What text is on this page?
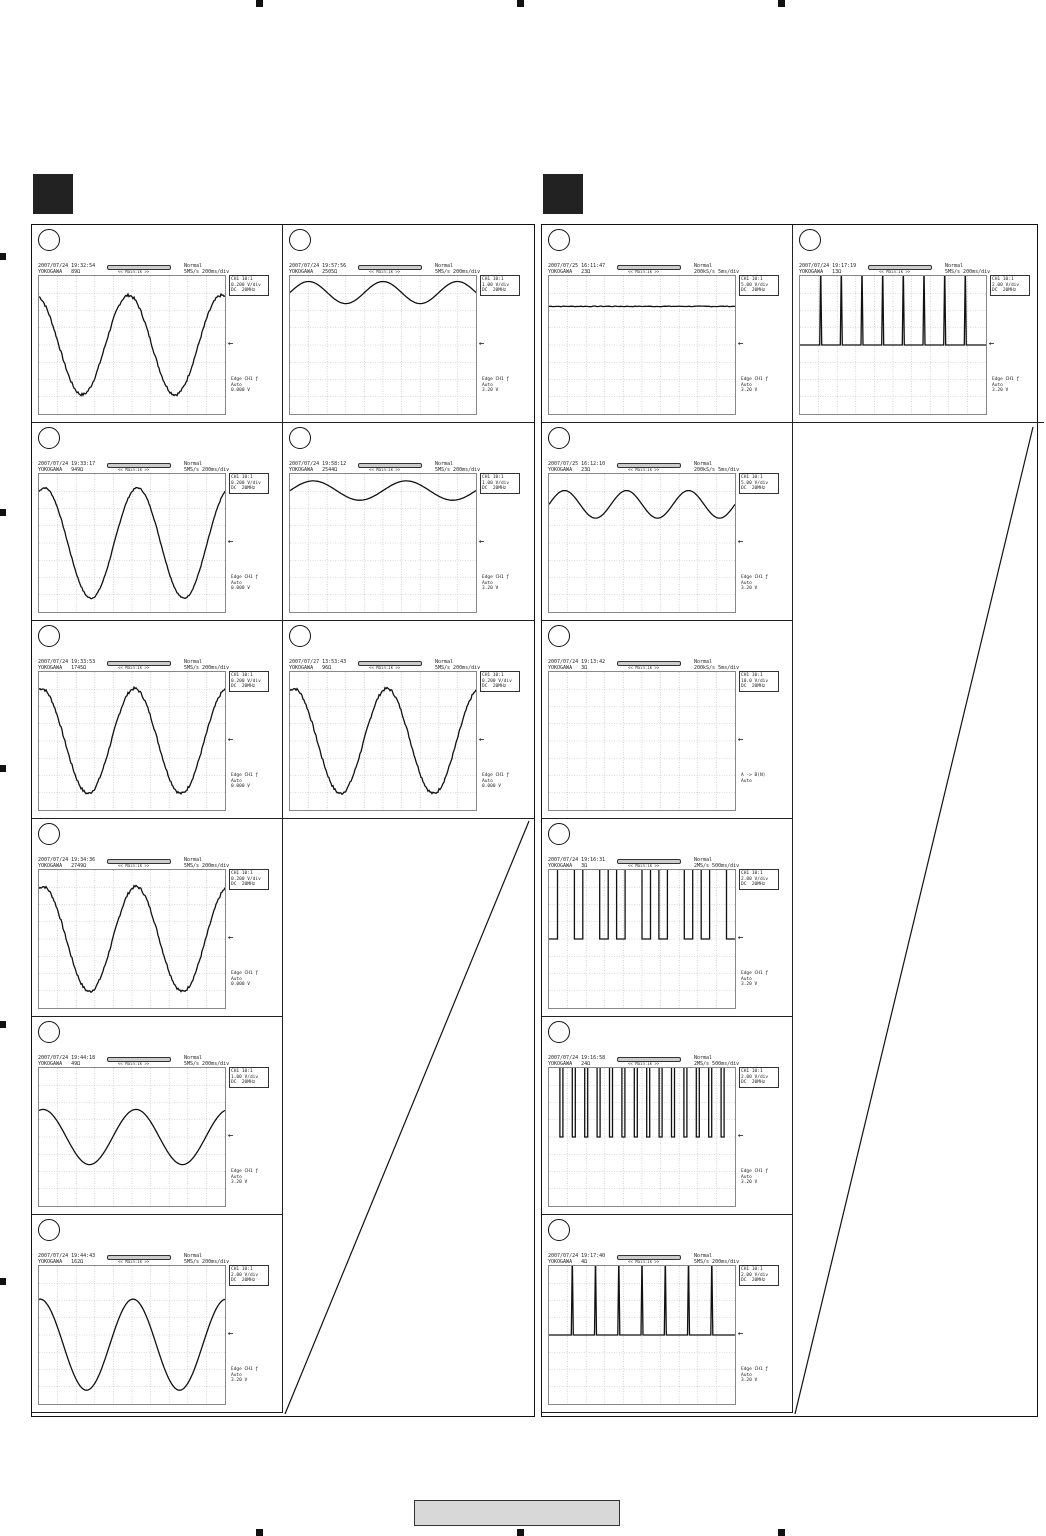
2007/07/24 19:32:54
YOKOGAWA 89Ω
Normal
5MS/s 200ms/div
<< Main:1k >>
CH1 10:1
0.200 V/div
DC  20MHz
←
Edge CH1 ƒ
Auto
0.000 V
2007/07/24 19:57:56
YOKOGAWA 2505Ω
Normal
5MS/s 200ms/div
<< Main:1k >>
CH1 10:1
1.00 V/div
DC  20MHz
←
Edge CH1 ƒ
Auto
3.20 V
2007/07/24 19:33:17
YOKOGAWA 949Ω
Normal
5MS/s 200ms/div
<< Main:1k >>
CH1 10:1
0.200 V/div
DC  20MHz
←
Edge CH1 ƒ
Auto
0.000 V
2007/07/24 19:58:12
YOKOGAWA 2544Ω
Normal
5MS/s 200ms/div
<< Main:1k >>
CH1 10:1
1.00 V/div
DC  20MHz
←
Edge CH1 ƒ
Auto
3.20 V
2007/07/24 19:33:53
YOKOGAWA 1745Ω
Normal
5MS/s 200ms/div
<< Main:1k >>
CH1 10:1
0.200 V/div
DC  20MHz
←
Edge CH1 ƒ
Auto
0.000 V
2007/07/27 13:53:43
YOKOGAWA 96Ω
Normal
5MS/s 200ms/div
<< Main:1k >>
CH1 10:1
0.200 V/div
DC  20MHz
←
Edge CH1 ƒ
Auto
0.000 V
2007/07/24 19:34:36
YOKOGAWA 2749Ω
Normal
5MS/s 200ms/div
<< Main:1k >>
CH1 10:1
0.200 V/div
DC  20MHz
←
Edge CH1 ƒ
Auto
0.000 V
2007/07/24 19:44:18
YOKOGAWA 49Ω
Normal
5MS/s 200ms/div
<< Main:1k >>
CH1 10:1
1.00 V/div
DC  20MHz
←
Edge CH1 ƒ
Auto
3.20 V
2007/07/24 19:44:43
YOKOGAWA 162Ω
Normal
5MS/s 200ms/div
<< Main:1k >>
CH1 10:1
2.00 V/div
DC  20MHz
←
Edge CH1 ƒ
Auto
3.20 V
2007/07/25 16:11:47
YOKOGAWA 23Ω
Normal
200kS/s 5ms/div
<< Main:1k >>
CH1 10:1
5.00 V/div
DC  20MHz
←
Edge CH1 ƒ
Auto
3.20 V
2007/07/24 19:17:19
YOKOGAWA 13Ω
Normal
5MS/s 200ms/div
<< Main:1k >>
CH1 10:1
2.00 V/div
DC  20MHz
←
Edge CH1 ƒ
Auto
3.20 V
2007/07/25 16:12:10
YOKOGAWA 23Ω
Normal
200kS/s 5ms/div
<< Main:1k >>
CH1 10:1
5.00 V/div
DC  20MHz
←
Edge CH1 ƒ
Auto
3.20 V
2007/07/24 19:13:42
YOKOGAWA 3Ω
Normal
200kS/s 5ms/div
<< Main:1k >>
CH1 10:1
10.0 V/div
DC  20MHz
←
A -> B(N)
Auto
2007/07/24 19:16:31
YOKOGAWA 3Ω
Normal
2MS/s 500ms/div
<< Main:1k >>
CH1 10:1
2.00 V/div
DC  20MHz
←
Edge CH1 ƒ
Auto
3.20 V
2007/07/24 19:16:58
YOKOGAWA 24Ω
Normal
2MS/s 500ms/div
<< Main:1k >>
CH1 10:1
2.00 V/div
DC  20MHz
←
Edge CH1 ƒ
Auto
3.20 V
2007/07/24 19:17:40
YOKOGAWA 4Ω
Normal
5MS/s 200ms/div
<< Main:1k >>
CH1 10:1
2.00 V/div
DC  20MHz
←
Edge CH1 ƒ
Auto
3.20 V
